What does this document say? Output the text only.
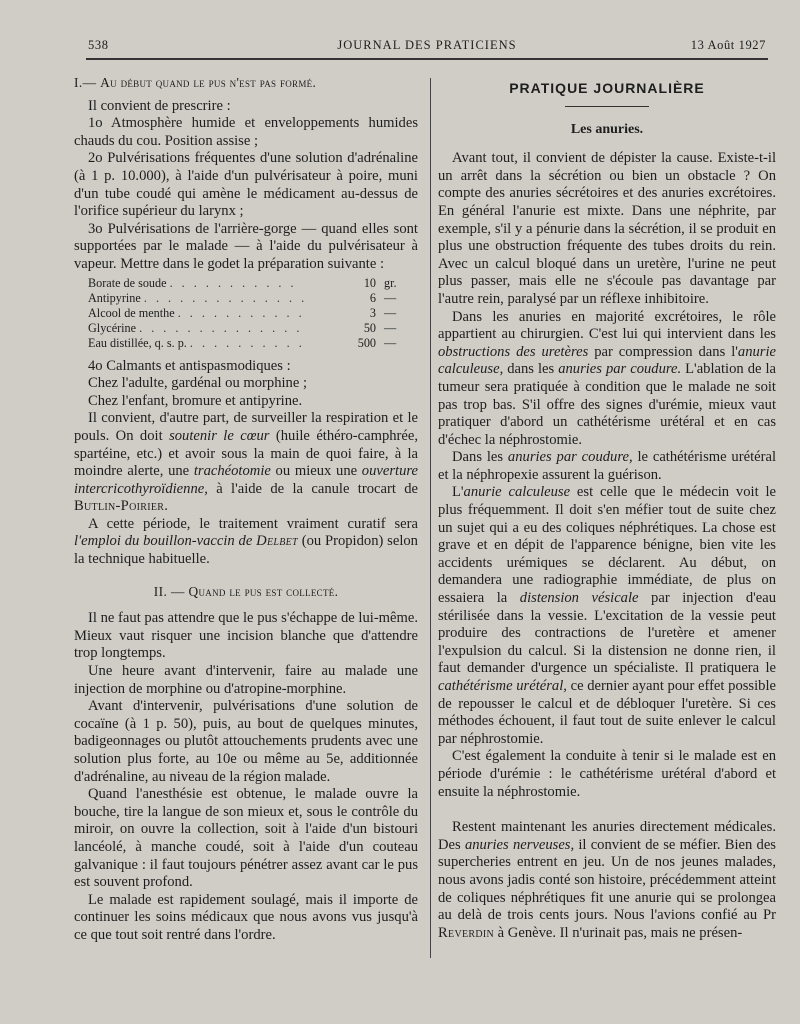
538	JOURNAL DES PRATICIENS	13 Août 1927

I.— Au début quand le pus n'est pas formé.

Il convient de prescrire :

1o Atmosphère humide et enveloppements humides chauds du cou. Position assise ;

2o Pulvérisations fréquentes d'une solution d'adrénaline (à 1 p. 10.000), à l'aide d'un pulvérisateur à poire, muni d'un tube coudé qui amène le médicament au-dessus de l'orifice supérieur du larynx ;

3o Pulvérisations de l'arrière-gorge — quand elles sont supportées par le malade — à l'aide du pulvérisateur à vapeur. Mettre dans le godet la préparation suivante :

Borate de soude . . . . . . . . . . .	10	gr.
Antipyrine . . . . . . . . . . . . . .	6	—
Alcool de menthe . . . . . . . . . . .	3	—
Glycérine . . . . . . . . . . . . . .	50	—
Eau distillée, q. s. p. . . . . . . . . . .	500	—

4o Calmants et antispasmodiques :

Chez l'adulte, gardénal ou morphine ;

Chez l'enfant, bromure et antipyrine.

Il convient, d'autre part, de surveiller la respiration et le pouls. On doit soutenir le cœur (huile éthéro-camphrée, spartéine, etc.) et avoir sous la main de quoi faire, à la moindre alerte, une trachéotomie ou mieux une ouverture intercricothyroïdienne, à l'aide de la canule trocart de Butlin-Poirier.

A cette période, le traitement vraiment curatif sera l'emploi du bouillon-vaccin de Delbet (ou Propidon) selon la technique habituelle.

II. — Quand le pus est collecté.

Il ne faut pas attendre que le pus s'échappe de lui-même. Mieux vaut risquer une incision blanche que d'attendre trop longtemps.

Une heure avant d'intervenir, faire au malade une injection de morphine ou d'atropine-morphine.

Avant d'intervenir, pulvérisations d'une solution de cocaïne (à 1 p. 50), puis, au bout de quelques minutes, badigeonnages ou plutôt attouchements prudents avec une solution plus forte, au 10e ou même au 5e, additionnée d'adrénaline, au niveau de la région malade.

Quand l'anesthésie est obtenue, le malade ouvre la bouche, tire la langue de son mieux et, sous le contrôle du miroir, on ouvre la collection, soit à l'aide d'un bistouri lancéolé, à manche coudé, soit à l'aide d'un couteau galvanique : il faut toujours pénétrer assez avant car le pus est souvent profond.

Le malade est rapidement soulagé, mais il importe de continuer les soins médicaux que nous avons vus jusqu'à ce que tout soit rentré dans l'ordre.

PRATIQUE JOURNALIÈRE
Les anuries.

Avant tout, il convient de dépister la cause. Existe-t-il un arrêt dans la sécrétion ou bien un obstacle ? On compte des anuries sécrétoires et des anuries excrétoires. En général l'anurie est mixte. Dans une néphrite, par exemple, s'il y a pénurie dans la sécrétion, il se produit en plus une obstruction fréquente des tubes droits du rein. Avec un calcul bloqué dans un uretère, l'urine ne peut plus passer, mais elle ne s'écoule pas davantage par l'autre rein, paralysé par un réflexe inhibitoire.

Dans les anuries en majorité excrétoires, le rôle appartient au chirurgien. C'est lui qui intervient dans les obstructions des uretères par compression dans l'anurie calculeuse, dans les anuries par coudure. L'ablation de la tumeur sera pratiquée à condition que le malade ne soit pas trop bas. S'il offre des signes d'urémie, mieux vaut pratiquer d'abord un cathétérisme urétéral et en cas d'échec la néphrostomie.

Dans les anuries par coudure, le cathétérisme urétéral et la néphropexie assurent la guérison.

L'anurie calculeuse est celle que le médecin voit le plus fréquemment. Il doit s'en méfier tout de suite chez un sujet qui a eu des coliques néphrétiques. La chose est grave et en dépit de l'apparence bénigne, bien vite les accidents urémiques se déclarent. Au début, on demandera une radiographie immédiate, de plus on essaiera la distension vésicale par injection d'eau stérilisée dans la vessie. L'excitation de la vessie peut produire des contractions de l'uretère et amener l'expulsion du calcul. Si la distension ne donne rien, il faut demander d'urgence un spécialiste. Il pratiquera le cathétérisme urétéral, ce dernier ayant pour effet possible de repousser le calcul et de débloquer l'uretère. Si ces méthodes échouent, il faut tout de suite enlever le calcul par néphrostomie.

C'est également la conduite à tenir si le malade est en période d'urémie : le cathétérisme urétéral d'abord et ensuite la néphrostomie.

Restent maintenant les anuries directement médicales. Des anuries nerveuses, il convient de se méfier. Bien des supercheries entrent en jeu. Un de nos jeunes malades, nous avons jadis conté son histoire, précédemment atteint de coliques néphrétiques fit une anurie qui se prolongea au delà de trois cents jours. Nous l'avions confié au Pr Reverdin à Genève. Il n'urinait pas, mais ne présen-
